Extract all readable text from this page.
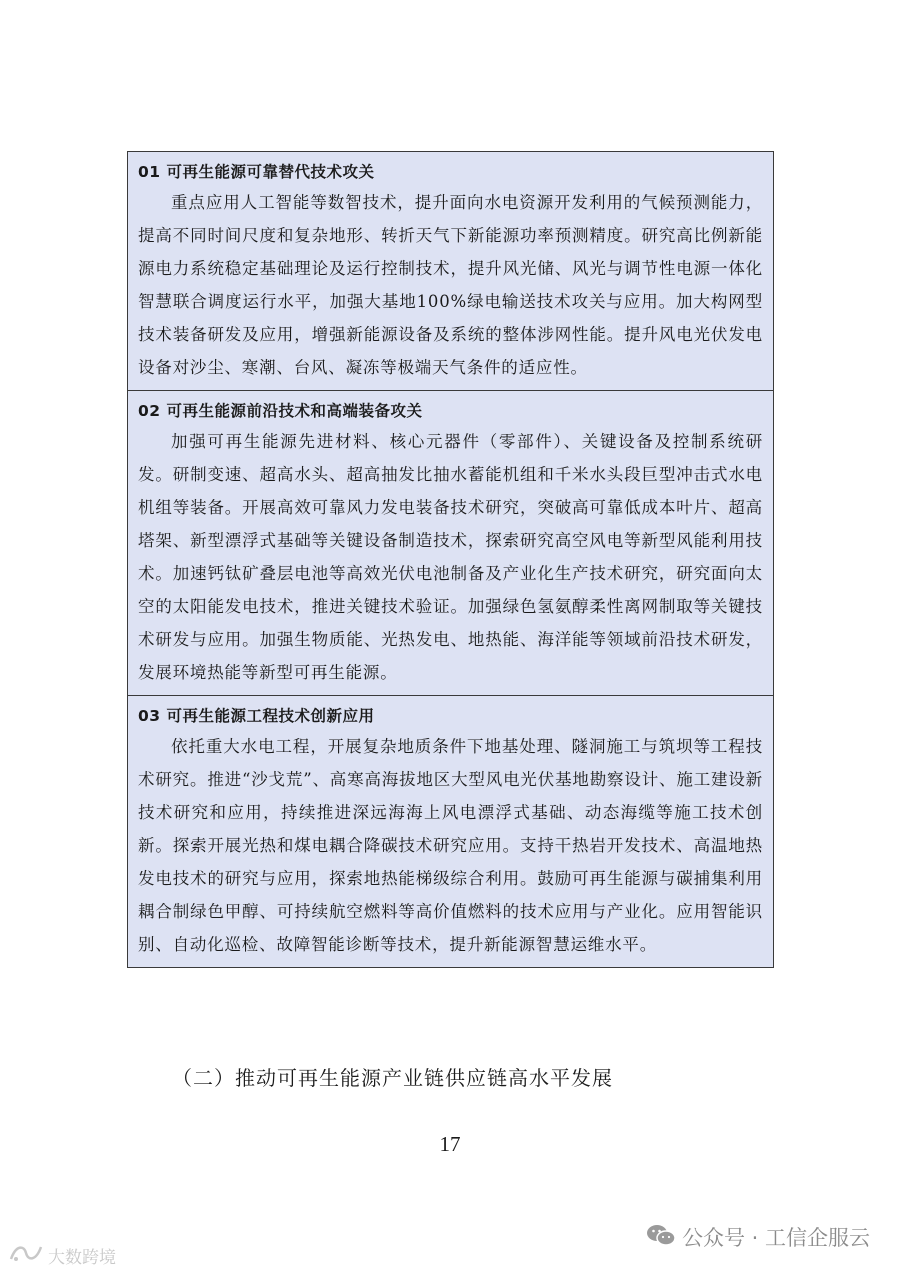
01 可再生能源可靠替代技术攻关

重点应用人工智能等数智技术，提升面向水电资源开发利用的气候预测能力，提高不同时间尺度和复杂地形、转折天气下新能源功率预测精度。研究高比例新能源电力系统稳定基础理论及运行控制技术，提升风光储、风光与调节性电源一体化智慧联合调度运行水平，加强大基地100%绿电输送技术攻关与应用。加大构网型技术装备研发及应用，增强新能源设备及系统的整体涉网性能。提升风电光伏发电设备对沙尘、寒潮、台风、凝冻等极端天气条件的适应性。

02 可再生能源前沿技术和高端装备攻关

加强可再生能源先进材料、核心元器件（零部件）、关键设备及控制系统研发。研制变速、超高水头、超高抽发比抽水蓄能机组和千米水头段巨型冲击式水电机组等装备。开展高效可靠风力发电装备技术研究，突破高可靠低成本叶片、超高塔架、新型漂浮式基础等关键设备制造技术，探索研究高空风电等新型风能利用技术。加速钙钛矿叠层电池等高效光伏电池制备及产业化生产技术研究，研究面向太空的太阳能发电技术，推进关键技术验证。加强绿色氢氨醇柔性离网制取等关键技术研发与应用。加强生物质能、光热发电、地热能、海洋能等领域前沿技术研发，发展环境热能等新型可再生能源。

03 可再生能源工程技术创新应用

依托重大水电工程，开展复杂地质条件下地基处理、隧洞施工与筑坝等工程技术研究。推进“沙戈荒”、高寒高海拔地区大型风电光伏基地勘察设计、施工建设新技术研究和应用，持续推进深远海海上风电漂浮式基础、动态海缆等施工技术创新。探索开展光热和煤电耦合降碳技术研究应用。支持干热岩开发技术、高温地热发电技术的研究与应用，探索地热能梯级综合利用。鼓励可再生能源与碳捕集利用耦合制绿色甲醇、可持续航空燃料等高价值燃料的技术应用与产业化。应用智能识别、自动化巡检、故障智能诊断等技术，提升新能源智慧运维水平。

（二）推动可再生能源产业链供应链高水平发展
17
公众号 · 工信企服云
大数跨境
